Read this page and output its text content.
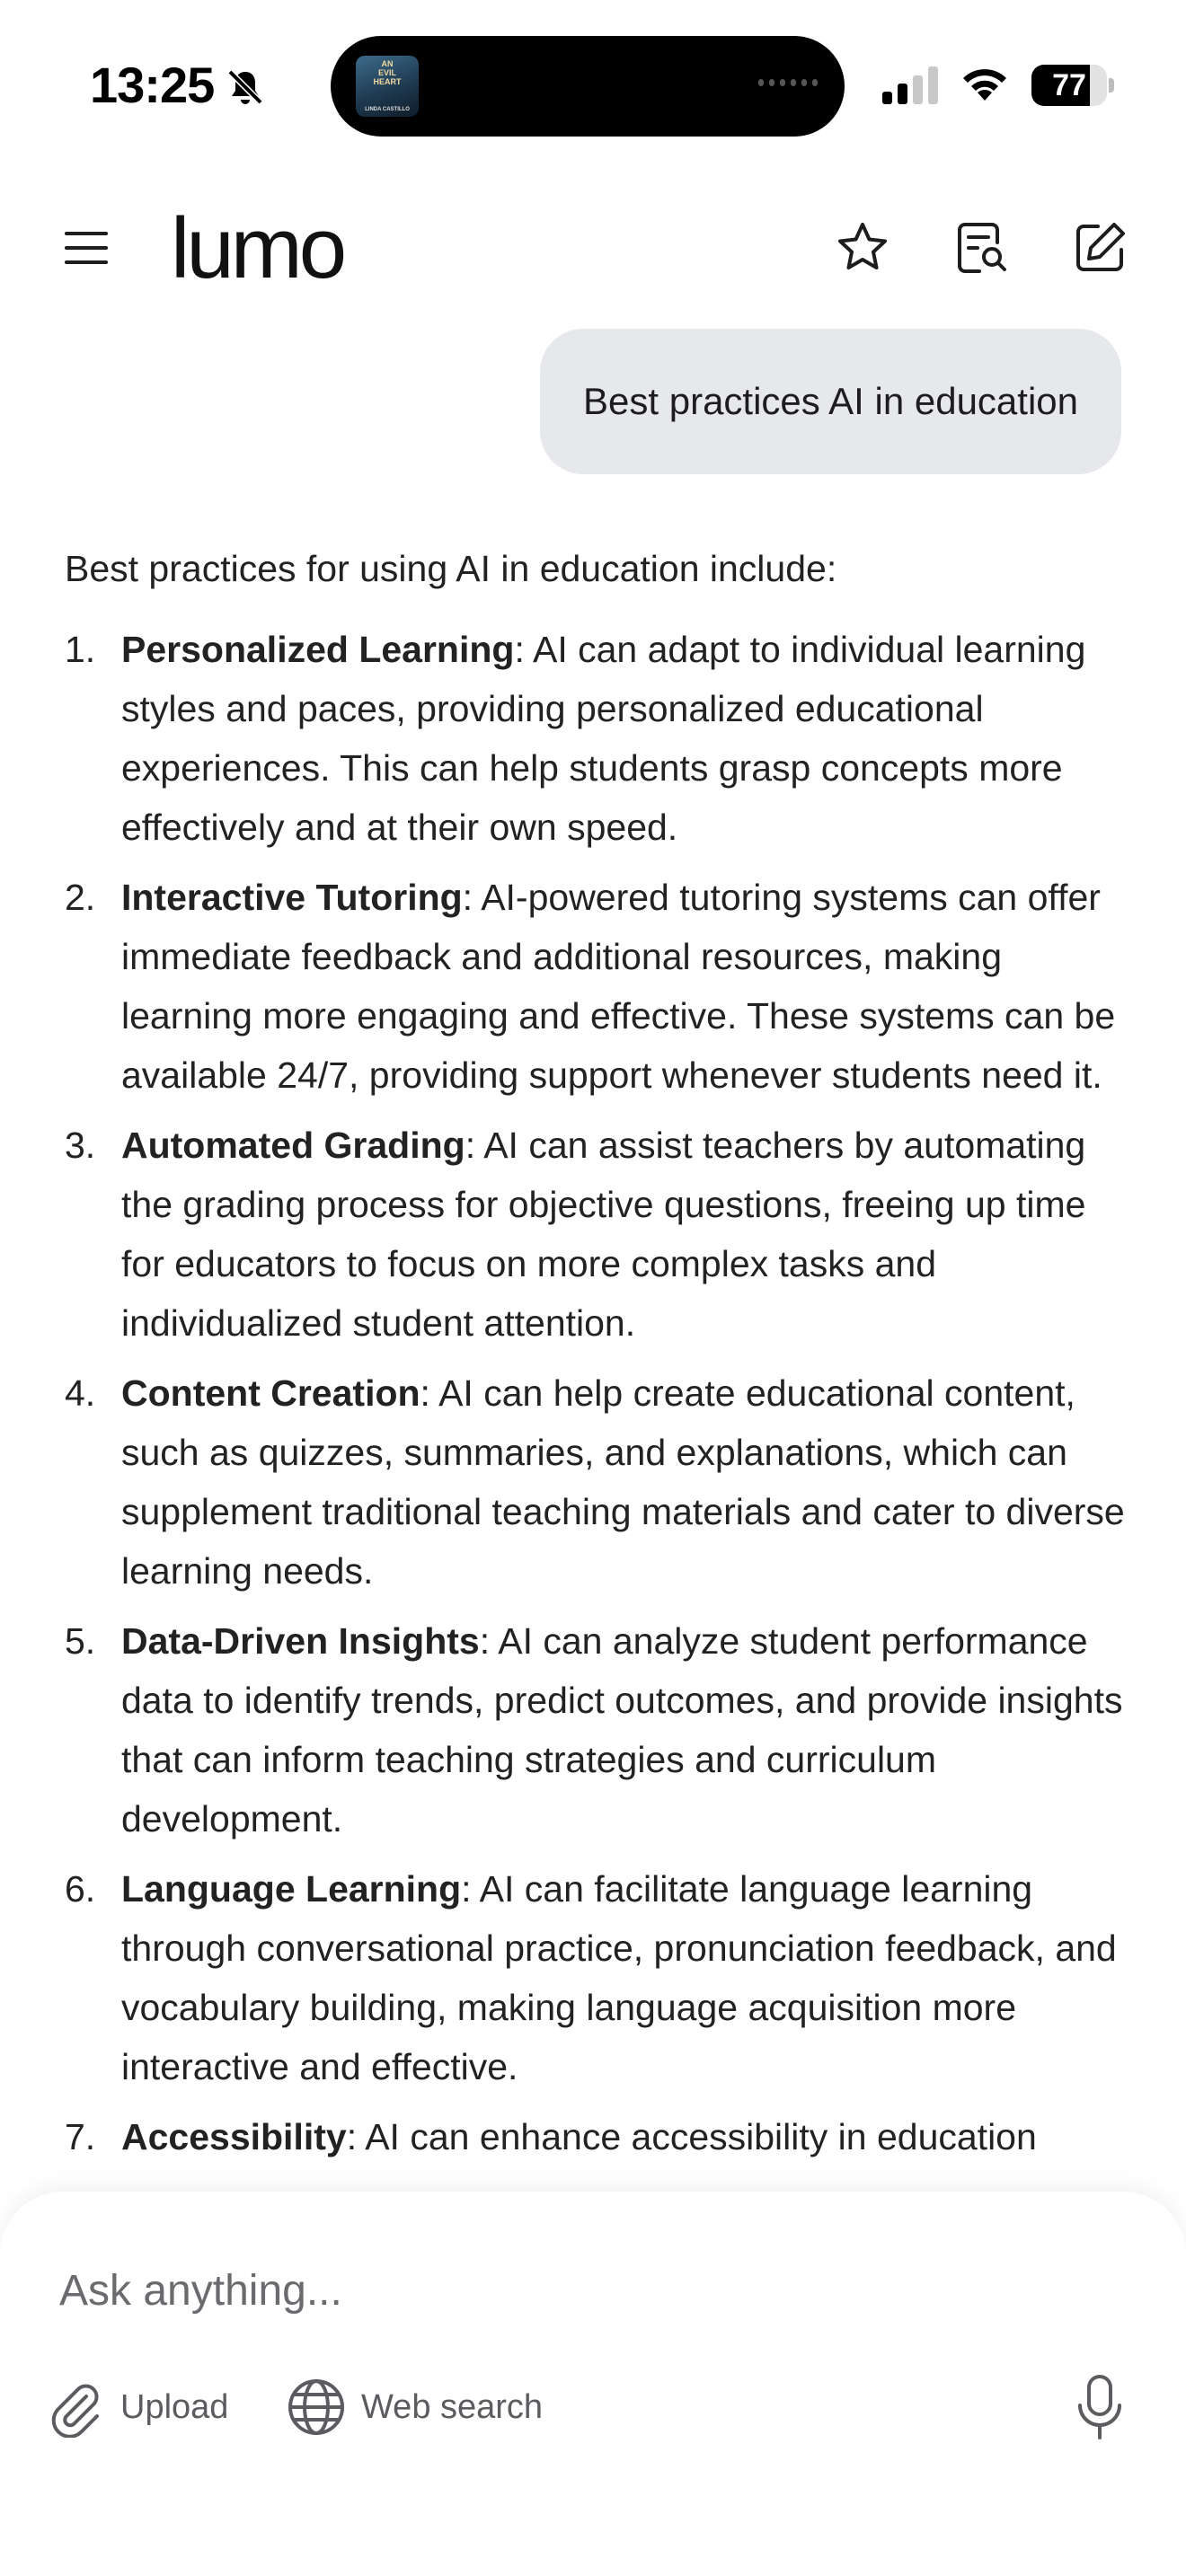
13:25	AN
EVIL
HEART
LINDA CASTILLO
77
lumo
Best practices AI in education

Best practices for using AI in education include:

1. Personalized Learning: AI can adapt to individual learning styles and paces, providing personalized educational experiences. This can help students grasp concepts more effectively and at their own speed.
2. Interactive Tutoring: AI-powered tutoring systems can offer immediate feedback and additional resources, making learning more engaging and effective. These systems can be available 24/7, providing support whenever students need it.
3. Automated Grading: AI can assist teachers by automating the grading process for objective questions, freeing up time for educators to focus on more complex tasks and individualized student attention.
4. Content Creation: AI can help create educational content, such as quizzes, summaries, and explanations, which can supplement traditional teaching materials and cater to diverse learning needs.
5. Data-Driven Insights: AI can analyze student performance data to identify trends, predict outcomes, and provide insights that can inform teaching strategies and curriculum development.
6. Language Learning: AI can facilitate language learning through conversational practice, pronunciation feedback, and vocabulary building, making language acquisition more interactive and effective.
7. Accessibility: AI can enhance accessibility in education
Ask anything...
Upload	Web search
